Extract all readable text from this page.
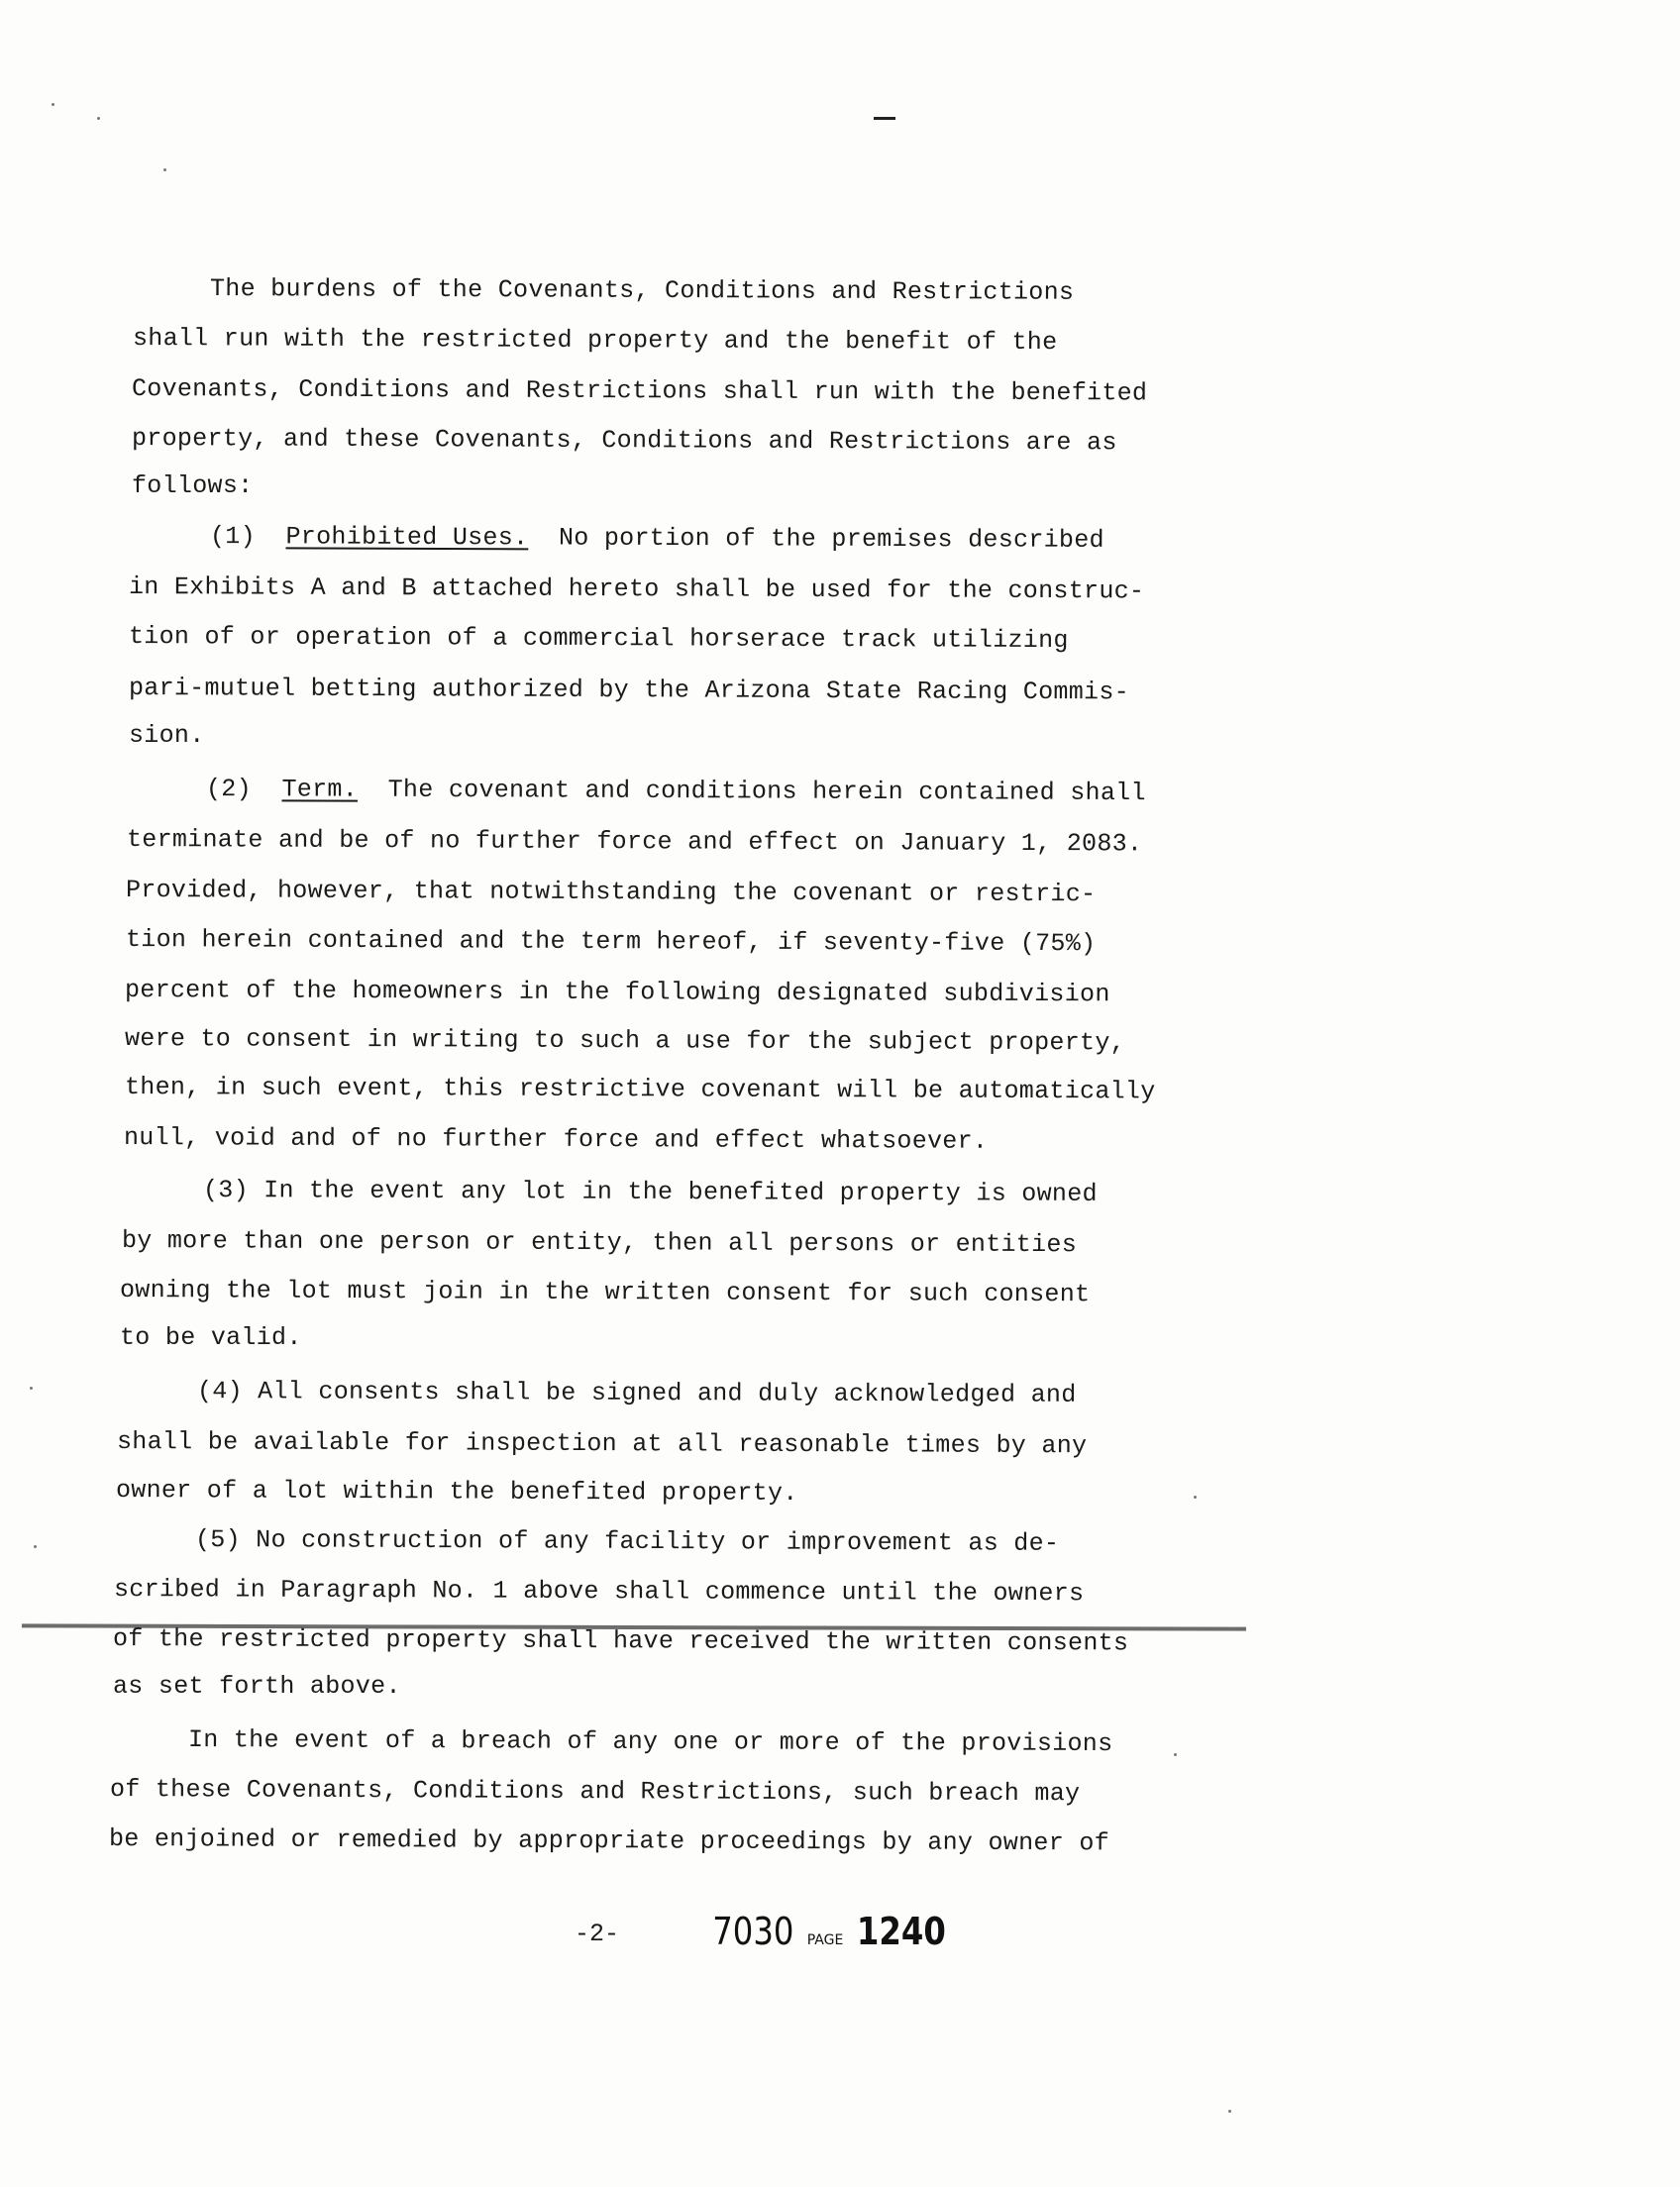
The burdens of the Covenants, Conditions and Restrictions
shall run with the restricted property and the benefit of the
Covenants, Conditions and Restrictions shall run with the benefited
property, and these Covenants, Conditions and Restrictions are as
follows:
(1) Prohibited Uses. No portion of the premises described
in Exhibits A and B attached hereto shall be used for the construc-
tion of or operation of a commercial horserace track utilizing
pari-mutuel betting authorized by the Arizona State Racing Commis-
sion.
(2) Term. The covenant and conditions herein contained shall
terminate and be of no further force and effect on January 1, 2083.
Provided, however, that notwithstanding the covenant or restric-
tion herein contained and the term hereof, if seventy-five (75%)
percent of the homeowners in the following designated subdivision
were to consent in writing to such a use for the subject property,
then, in such event, this restrictive covenant will be automatically
null, void and of no further force and effect whatsoever.
(3) In the event any lot in the benefited property is owned
by more than one person or entity, then all persons or entities
owning the lot must join in the written consent for such consent
to be valid.
(4) All consents shall be signed and duly acknowledged and
shall be available for inspection at all reasonable times by any
owner of a lot within the benefited property.
(5) No construction of any facility or improvement as de-
scribed in Paragraph No. 1 above shall commence until the owners
of the restricted property shall have received the written consents
as set forth above.
In the event of a breach of any one or more of the provisions
of these Covenants, Conditions and Restrictions, such breach may
be enjoined or remedied by appropriate proceedings by any owner of
-2- 7030 PAGE 1240
